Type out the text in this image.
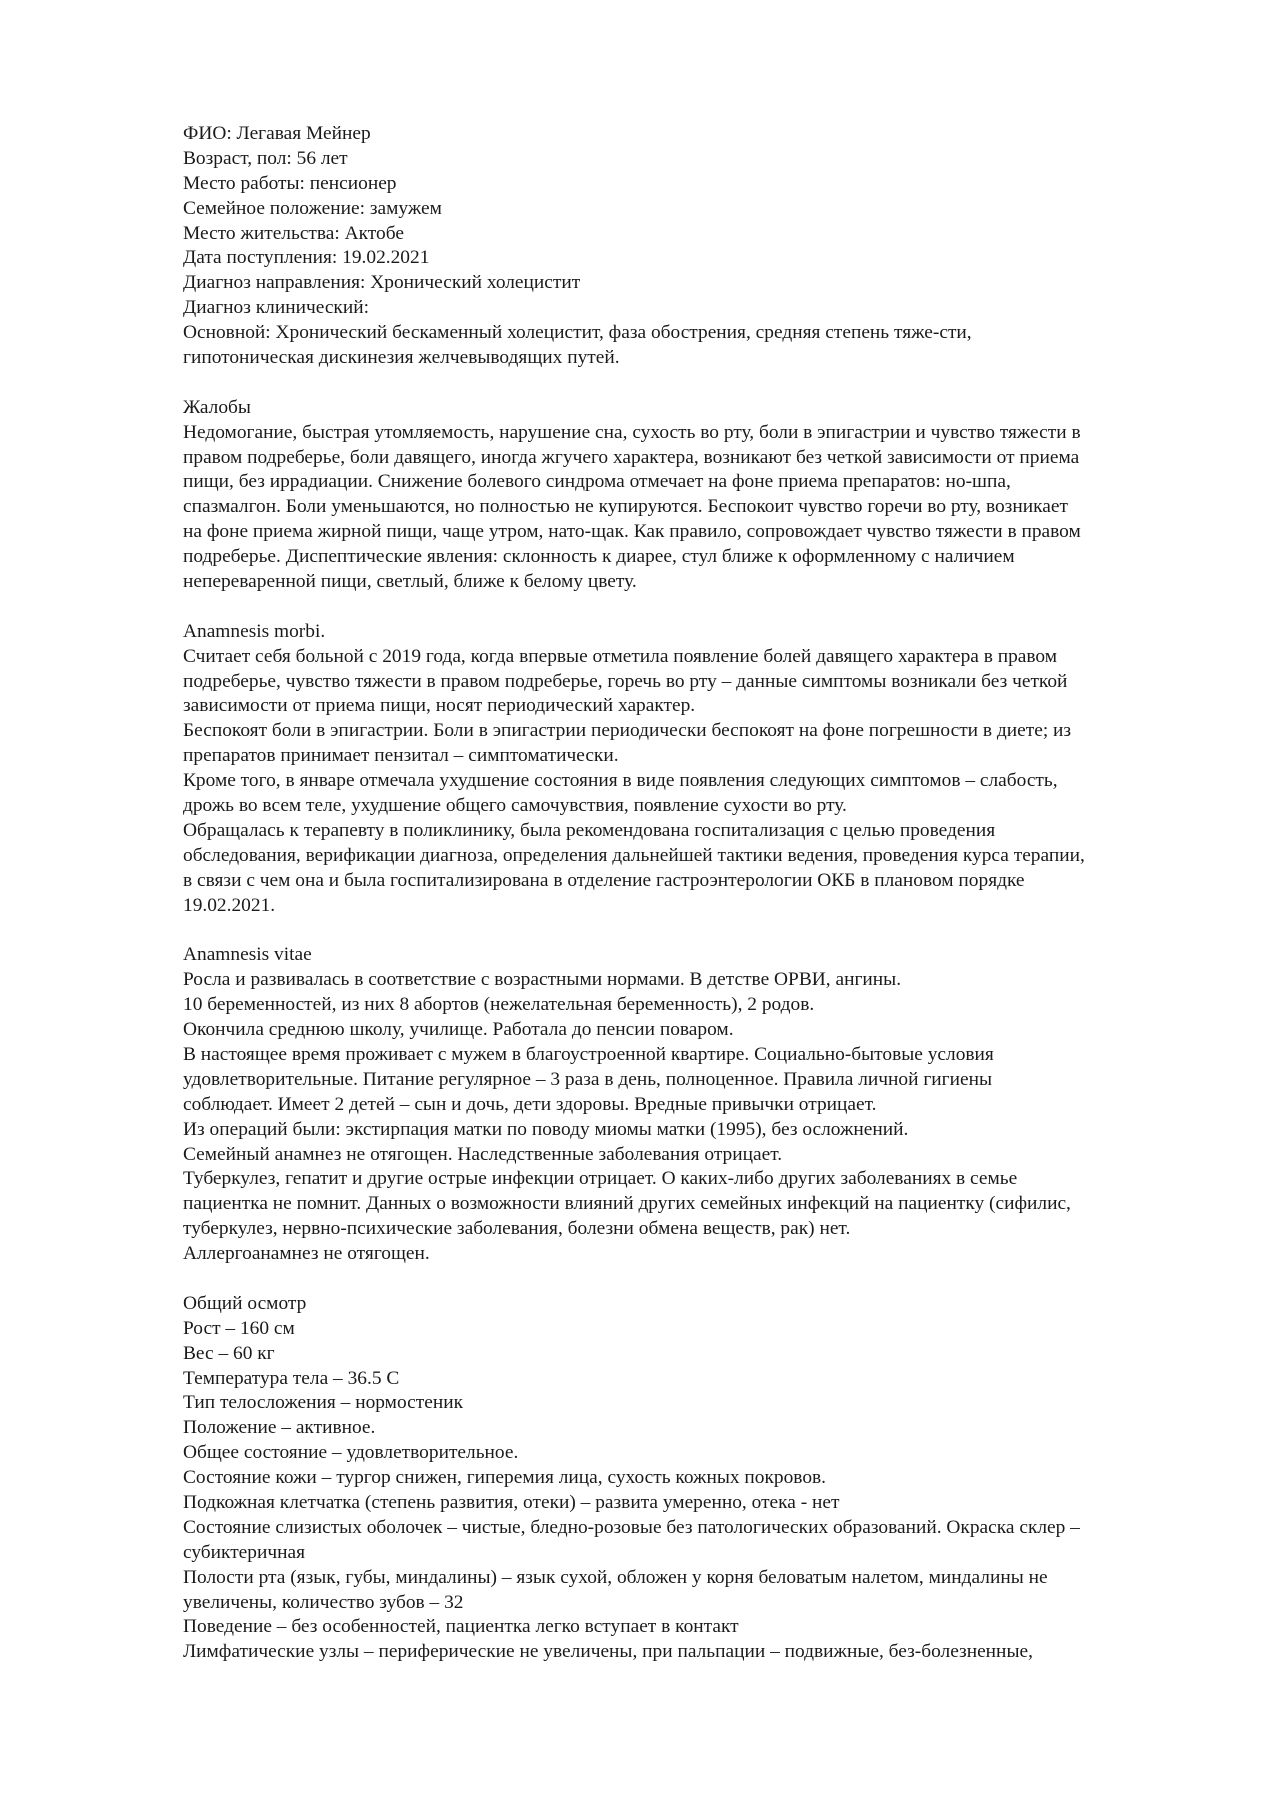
ФИО: Легавая Мейнер
Возраст, пол: 56 лет
Место работы: пенсионер
Семейное положение: замужем
Место жительства: Актобе
Дата поступления: 19.02.2021
Диагноз направления: Хронический холецистит
Диагноз клинический:
Основной: Хронический бескаменный холецистит, фаза обострения, средняя степень тяже-сти,
гипотоническая дискинезия желчевыводящих путей.
Жалобы
Недомогание, быстрая утомляемость, нарушение сна, сухость во рту, боли в эпигастрии и чувство тяжести в
правом подреберье, боли давящего, иногда жгучего характера, возникают без четкой зависимости от приема
пищи, без иррадиации. Снижение болевого синдрома отмечает на фоне приема препаратов: но-шпа,
спазмалгон. Боли уменьшаются, но полностью не купируются. Беспокоит чувство горечи во рту, возникает
на фоне приема жирной пищи, чаще утром, нато-щак. Как правило, сопровождает чувство тяжести в правом
подреберье. Диспептические явления: склонность к диарее, стул ближе к оформленному с наличием
непереваренной пищи, светлый, ближе к белому цвету.
Anamnesis morbi.
Считает себя больной с 2019 года, когда впервые отметила появление болей давящего характера в правом
подреберье, чувство тяжести в правом подреберье, горечь во рту – данные симптомы возникали без четкой
зависимости от приема пищи, носят периодический характер.
Беспокоят боли в эпигастрии. Боли в эпигастрии периодически беспокоят на фоне погрешности в диете; из
препаратов принимает пензитал – симптоматически.
Кроме того, в январе отмечала ухудшение состояния в виде появления следующих симптомов – слабость,
дрожь во всем теле, ухудшение общего самочувствия, появление сухости во рту.
Обращалась к терапевту в поликлинику, была рекомендована госпитализация с целью проведения
обследования, верификации диагноза, определения дальнейшей тактики ведения, проведения курса терапии,
в связи с чем она и была госпитализирована в отделение гастроэнтерологии ОКБ в плановом порядке
19.02.2021.
Anamnesis vitae
Росла и развивалась в соответствие с возрастными нормами. В детстве ОРВИ, ангины.
10 беременностей, из них 8 абортов (нежелательная беременность), 2 родов.
Окончила среднюю школу, училище. Работала до пенсии поваром.
В настоящее время проживает с мужем в благоустроенной квартире. Социально-бытовые условия
удовлетворительные. Питание регулярное – 3 раза в день, полноценное. Правила личной гигиены
соблюдает. Имеет 2 детей – сын и дочь, дети здоровы. Вредные привычки отрицает.
Из операций были: экстирпация матки по поводу миомы матки (1995), без осложнений.
Семейный анамнез не отягощен. Наследственные заболевания отрицает.
Туберкулез, гепатит и другие острые инфекции отрицает. О каких-либо других заболеваниях в семье
пациентка не помнит. Данных о возможности влияний других семейных инфекций на пациентку (сифилис,
туберкулез, нервно-психические заболевания, болезни обмена веществ, рак) нет.
Аллергоанамнез не отягощен.
Общий осмотр
Рост – 160 см
Вес – 60 кг
Температура тела – 36.5 С
Тип телосложения – нормостеник
Положение – активное.
Общее состояние – удовлетворительное.
Состояние кожи – тургор снижен, гиперемия лица, сухость кожных покровов.
Подкожная клетчатка (степень развития, отеки) – развита умеренно, отека - нет
Состояние слизистых оболочек – чистые, бледно-розовые без патологических образований. Окраска склер –
субиктеричная
Полости рта (язык, губы, миндалины) – язык сухой, обложен у корня беловатым налетом, миндалины не
увеличены, количество зубов – 32
Поведение – без особенностей, пациентка легко вступает в контакт
Лимфатические узлы – периферические не увеличены, при пальпации – подвижные, без-болезненные,
